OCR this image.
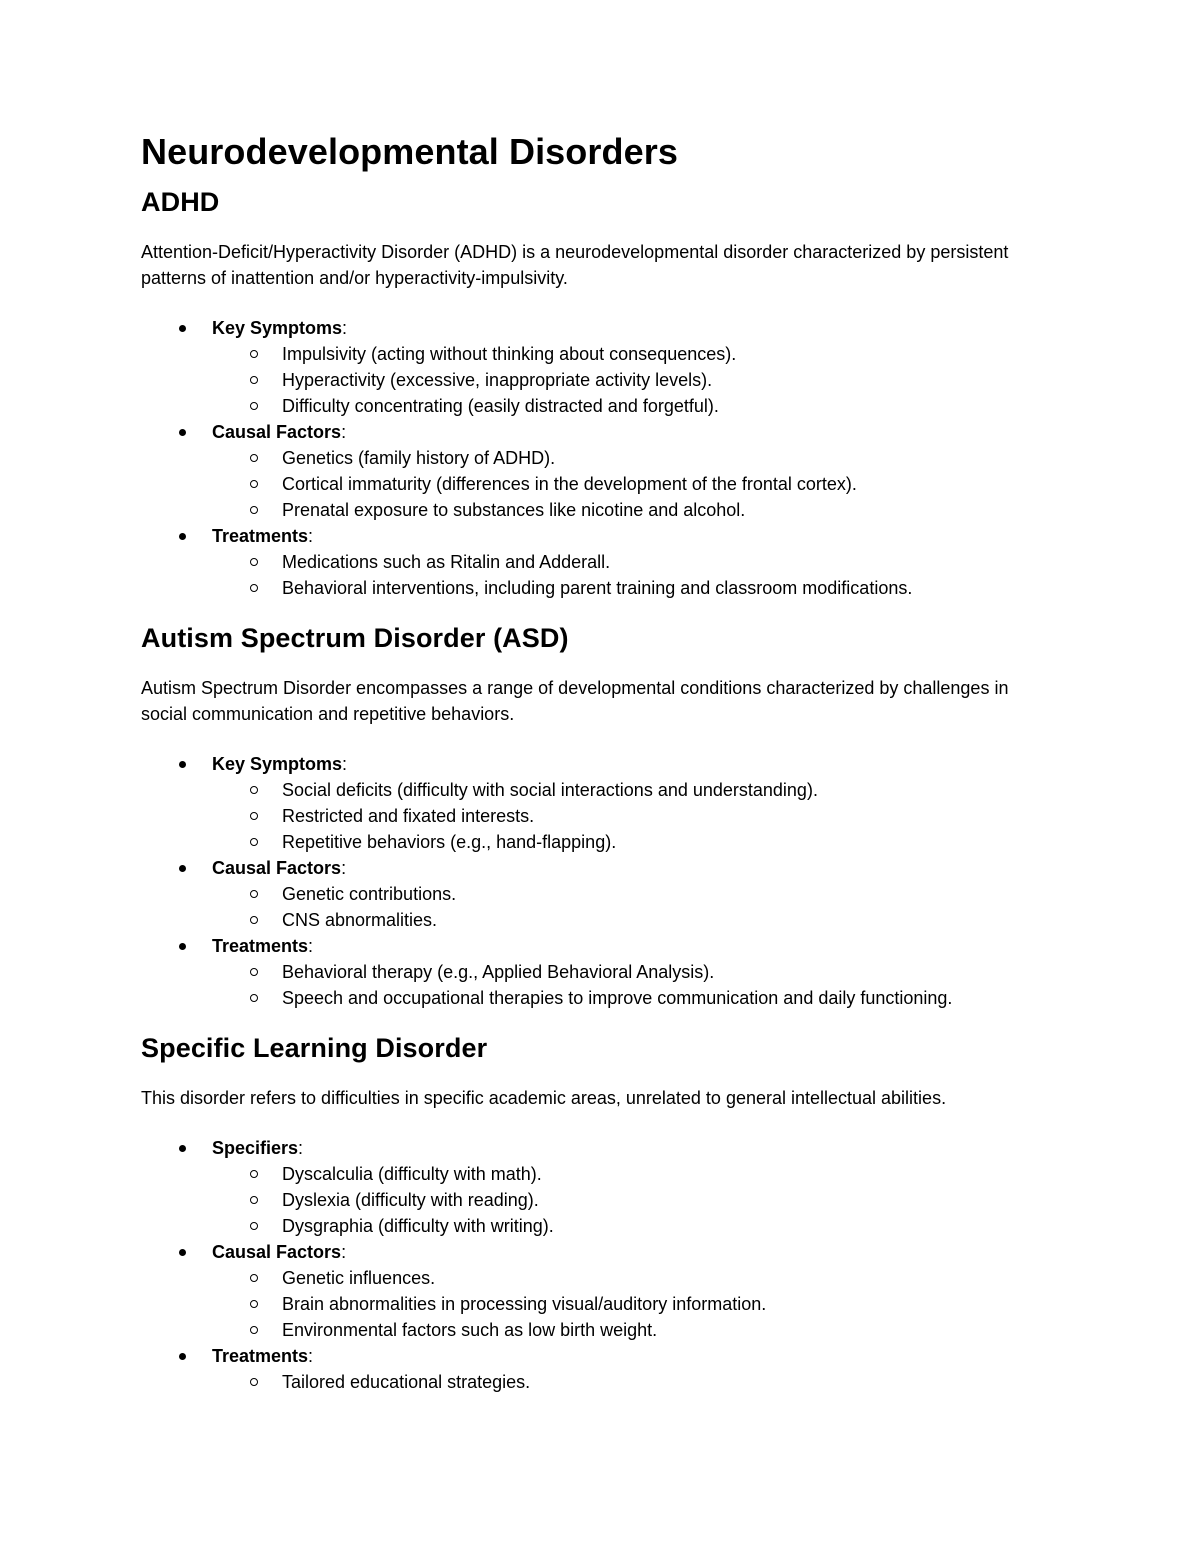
Neurodevelopmental Disorders
ADHD

Attention-Deficit/Hyperactivity Disorder (ADHD) is a neurodevelopmental disorder characterized by persistent patterns of inattention and/or hyperactivity-impulsivity.

Key Symptoms:
Impulsivity (acting without thinking about consequences).
Hyperactivity (excessive, inappropriate activity levels).
Difficulty concentrating (easily distracted and forgetful).
Causal Factors:
Genetics (family history of ADHD).
Cortical immaturity (differences in the development of the frontal cortex).
Prenatal exposure to substances like nicotine and alcohol.
Treatments:
Medications such as Ritalin and Adderall.
Behavioral interventions, including parent training and classroom modifications.
Autism Spectrum Disorder (ASD)

Autism Spectrum Disorder encompasses a range of developmental conditions characterized by challenges in social communication and repetitive behaviors.

Key Symptoms:
Social deficits (difficulty with social interactions and understanding).
Restricted and fixated interests.
Repetitive behaviors (e.g., hand-flapping).
Causal Factors:
Genetic contributions.
CNS abnormalities.
Treatments:
Behavioral therapy (e.g., Applied Behavioral Analysis).
Speech and occupational therapies to improve communication and daily functioning.
Specific Learning Disorder

This disorder refers to difficulties in specific academic areas, unrelated to general intellectual abilities.

Specifiers:
Dyscalculia (difficulty with math).
Dyslexia (difficulty with reading).
Dysgraphia (difficulty with writing).
Causal Factors:
Genetic influences.
Brain abnormalities in processing visual/auditory information.
Environmental factors such as low birth weight.
Treatments:
Tailored educational strategies.
